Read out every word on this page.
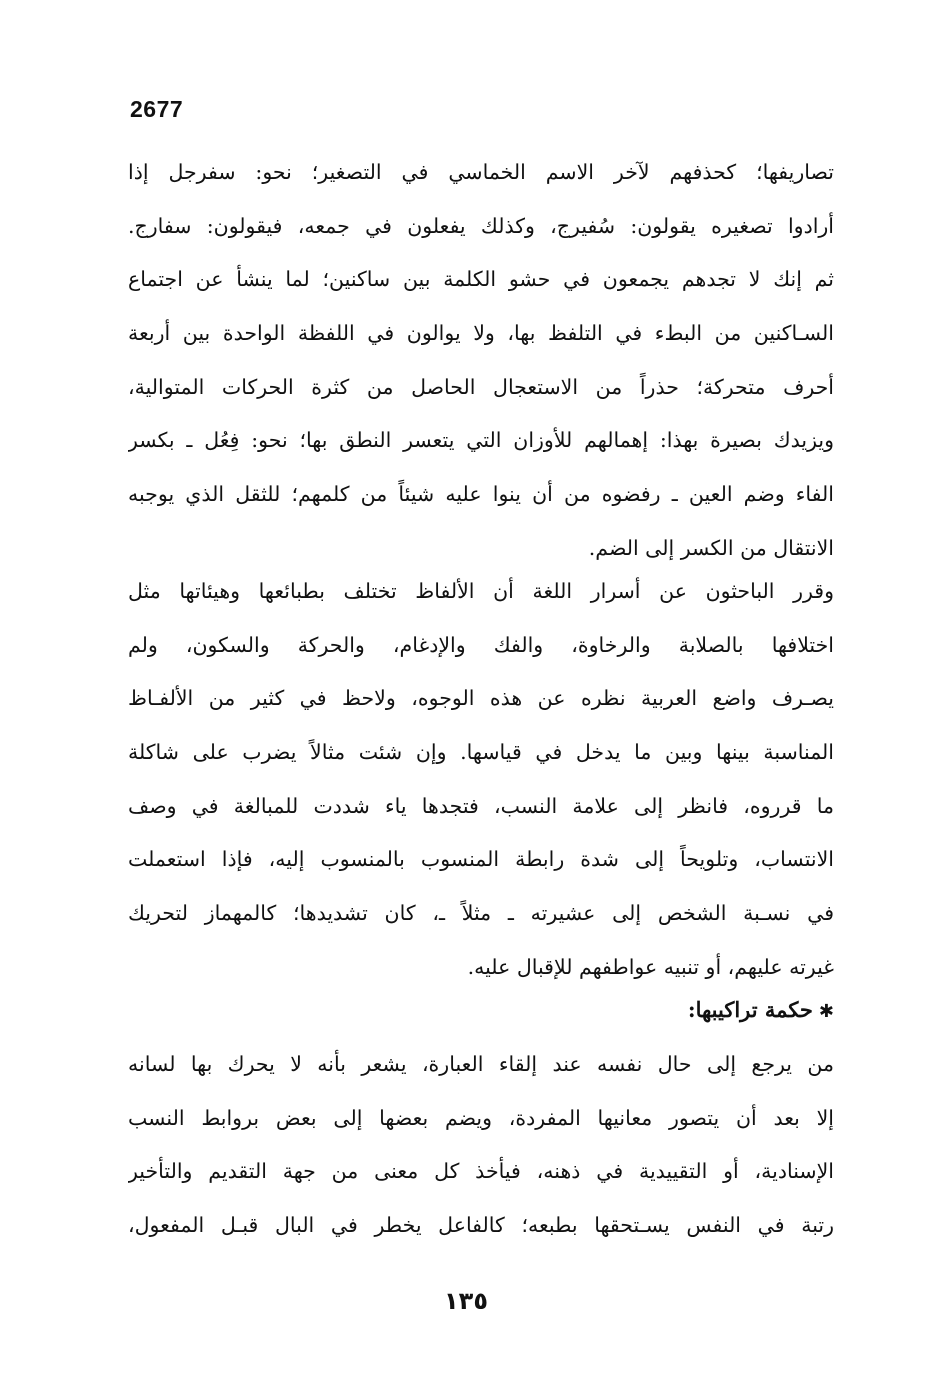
2677
تصاريفها؛ كحذفهم لآخر الاسم الخماسي في التصغير؛ نحو: سفرجل إذا
أرادوا تصغيره يقولون: سُفيرج، وكذلك يفعلون في جمعه، فيقولون: سفارج.
ثم إنك لا تجدهم يجمعون في حشو الكلمة بين ساكنين؛ لما ينشأ عن اجتماع
السـاكنين من البطء في التلفظ بها، ولا يوالون في اللفظة الواحدة بين أربعة
أحرف متحركة؛ حذراً من الاستعجال الحاصل من كثرة الحركات المتوالية،
ويزيدك بصيرة بهذا: إهمالهم للأوزان التي يتعسر النطق بها؛ نحو: فِعُل ـ بكسر
الفاء وضم العين ـ رفضوه من أن ينوا عليه شيئاً من كلمهم؛ للثقل الذي يوجبه
الانتقال من الكسر إلى الضم.
وقرر الباحثون عن أسرار اللغة أن الألفاظ تختلف بطبائعها وهيئاتها مثل
اختلافها بالصلابة والرخاوة، والفك والإدغام، والحركة والسكون، ولم
يصـرف واضع العربية نظره عن هذه الوجوه، ولاحظ في كثير من الألفـاظ
المناسبة بينها وبين ما يدخل في قياسها. وإن شئت مثالاً يضرب على شاكلة
ما قرروه، فانظر إلى علامة النسب، فتجدها ياء شددت للمبالغة في وصف
الانتساب، وتلويحاً إلى شدة رابطة المنسوب بالمنسوب إليه، فإذا استعملت
في نسـبة الشخص إلى عشيرته ـ مثلاً ـ، كان تشديدها؛ كالمهماز لتحريك
غيرته عليهم، أو تنبيه عواطفهم للإقبال عليه.
✱حكمة تراكيبها:
من يرجع إلى حال نفسه عند إلقاء العبارة، يشعر بأنه لا يحرك بها لسانه
إلا بعد أن يتصور معانيها المفردة، ويضم بعضها إلى بعض بروابط النسب
الإسنادية، أو التقييدية في ذهنه، فيأخذ كل معنى من جهة التقديم والتأخير
رتبة في النفس يسـتحقها بطبعه؛ كالفاعل يخطر في البال قبـل المفعول،
١٣٥
